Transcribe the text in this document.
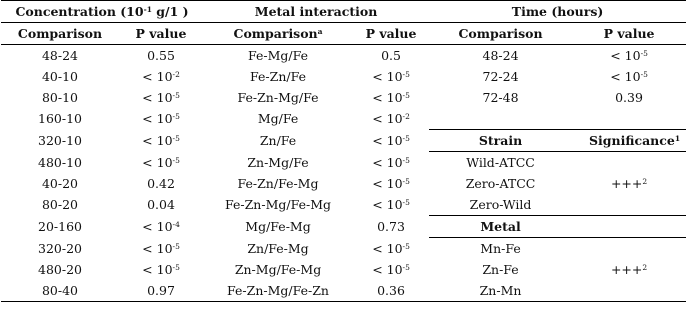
Concentration ($10^{-1}$ g/1 )		Metal interaction		Time (hours)	
Comparison	P value	Comparison$^a$	P value	Comparison	P value
48-24	0.55	Fe-Mg/Fe	0.5	48-24	< $10^{-5}$
40-10	< $10^{-2}$	Fe-Zn/Fe	< $10^{-5}$	72-24	< $10^{-5}$
80-10	< $10^{-5}$	Fe-Zn-Mg/Fe	< $10^{-5}$	72-48	0.39
160-10	< $10^{-5}$	Mg/Fe	< $10^{-2}$		
320-10	< $10^{-5}$	Zn/Fe	< $10^{-5}$	Strain	Significance$^1$
480-10	< $10^{-5}$	Zn-Mg/Fe	< $10^{-5}$	Wild-ATCC	
40-20	0.42	Fe-Zn/Fe-Mg	< $10^{-5}$	Zero-ATCC	+++$^2$
80-20	0.04	Fe-Zn-Mg/Fe-Mg	< $10^{-5}$	Zero-Wild	
20-160	< $10^{-4}$	Mg/Fe-Mg	0.73	Metal	
320-20	< $10^{-5}$	Zn/Fe-Mg	< $10^{-5}$	Mn-Fe	
480-20	< $10^{-5}$	Zn-Mg/Fe-Mg	< $10^{-5}$	Zn-Fe	+++$^2$
80-40	0.97	Fe-Zn-Mg/Fe-Zn	0.36	Zn-Mn	
